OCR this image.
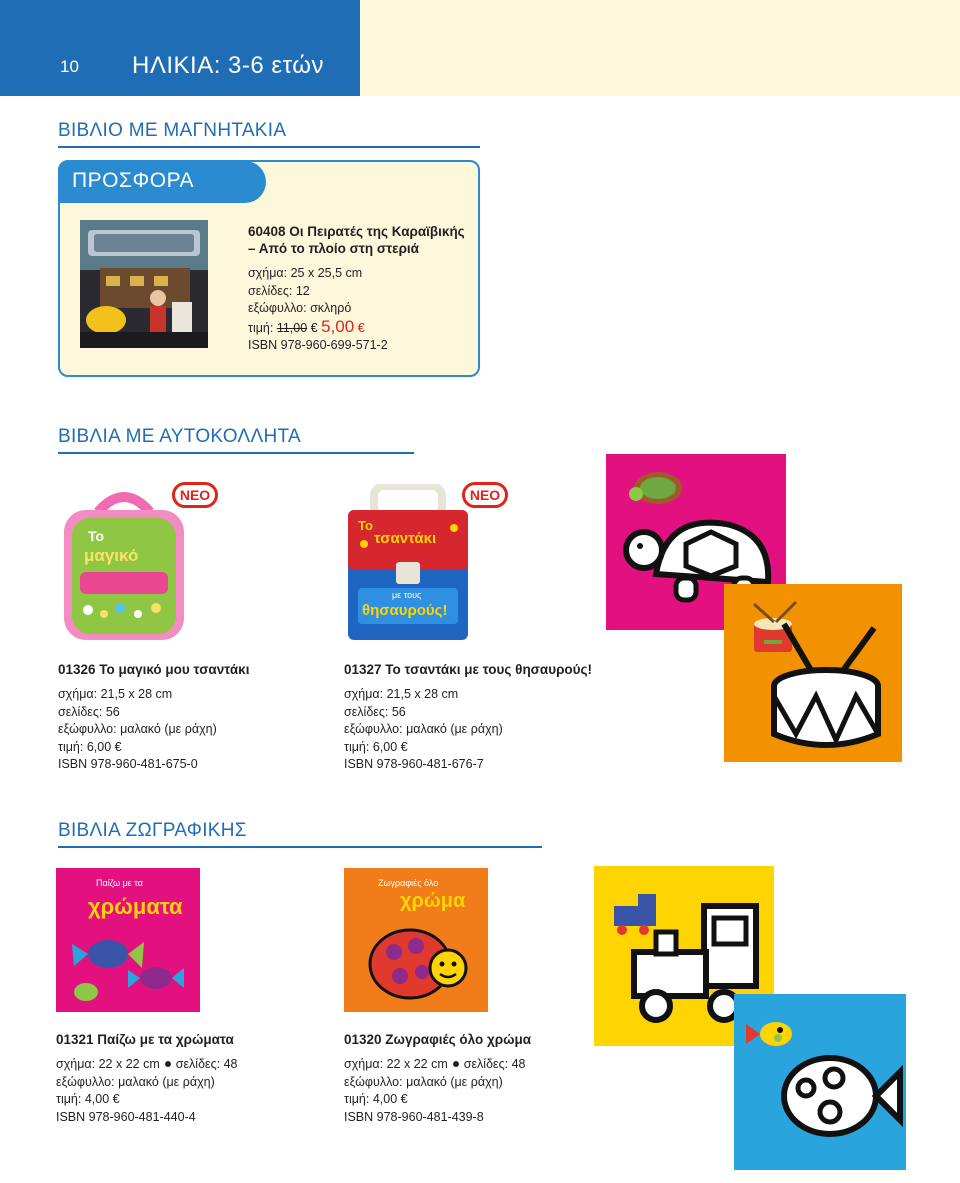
10 ΗΛΙΚΙΑ: 3-6 ετών
ΒΙΒΛΙΟ ΜΕ ΜΑΓΝΗΤΑΚΙΑ
ΠΡΟΣΦΟΡΑ
60408 Οι Πειρατές της Καραϊβικής
– Από το πλοίο στη στεριά
σχήμα: 25 x 25,5 cm
σελίδες: 12
εξώφυλλο: σκληρό
τιμή: 11,00 € 5,00 €
ISBN 978-960-699-571-2
ΒΙΒΛΙΑ ΜΕ ΑΥΤΟΚΟΛΛΗΤΑ
ΝΕΟ	ΝΕΟ
Το
μαγικό
Το
τσαντάκι
με τους
θησαυρούς!
01326 Το μαγικό μου τσαντάκι
σχήμα: 21,5 x 28 cm
σελίδες: 56
εξώφυλλο: μαλακό (με ράχη)
τιμή: 6,00 €
ISBN 978-960-481-675-0
01327 Το τσαντάκι με τους θησαυρούς!
σχήμα: 21,5 x 28 cm
σελίδες: 56
εξώφυλλο: μαλακό (με ράχη)
τιμή: 6,00 €
ISBN 978-960-481-676-7
ΒΙΒΛΙΑ ΖΩΓΡΑΦΙΚΗΣ
Παίζω με τα
χρώματα
Ζωγραφιές όλο
χρώμα
01321 Παίζω με τα χρώματα
σχήμα: 22 x 22 cm σελίδες: 48
εξώφυλλο: μαλακό (με ράχη)
τιμή: 4,00 €
ISBN 978-960-481-440-4
01320 Ζωγραφιές όλο χρώμα
σχήμα: 22 x 22 cm σελίδες: 48
εξώφυλλο: μαλακό (με ράχη)
τιμή: 4,00 €
ISBN 978-960-481-439-8
